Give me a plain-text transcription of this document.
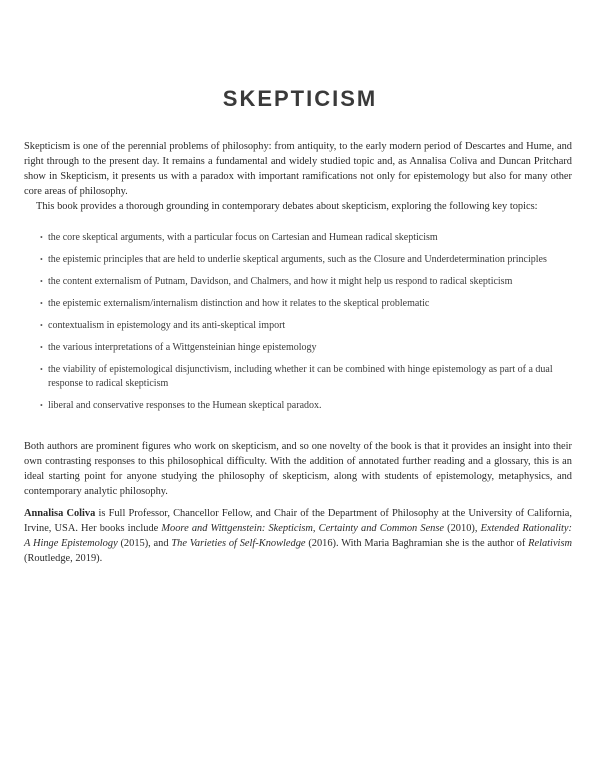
SKEPTICISM

Skepticism is one of the perennial problems of philosophy: from antiquity, to the early modern period of Descartes and Hume, and right through to the present day. It remains a fundamental and widely studied topic and, as Annalisa Coliva and Duncan Pritchard show in Skepticism, it presents us with a paradox with important ramifications not only for epistemology but also for many other core areas of philosophy.

This book provides a thorough grounding in contemporary debates about skepticism, exploring the following key topics:

• the core skeptical arguments, with a particular focus on Cartesian and Humean radical skepticism
• the epistemic principles that are held to underlie skeptical arguments, such as the Closure and Underdetermination principles
• the content externalism of Putnam, Davidson, and Chalmers, and how it might help us respond to radical skepticism
• the epistemic externalism/internalism distinction and how it relates to the skeptical problematic
• contextualism in epistemology and its anti-skeptical import
• the various interpretations of a Wittgensteinian hinge epistemology
• the viability of epistemological disjunctivism, including whether it can be combined with hinge epistemology as part of a dual response to radical skepticism
• liberal and conservative responses to the Humean skeptical paradox.

Both authors are prominent figures who work on skepticism, and so one novelty of the book is that it provides an insight into their own contrasting responses to this philosophical difficulty. With the addition of annotated further reading and a glossary, this is an ideal starting point for anyone studying the philosophy of skepticism, along with students of epistemology, metaphysics, and contemporary analytic philosophy.

Annalisa Coliva is Full Professor, Chancellor Fellow, and Chair of the Department of Philosophy at the University of California, Irvine, USA. Her books include Moore and Wittgenstein: Skepticism, Certainty and Common Sense (2010), Extended Rationality: A Hinge Epistemology (2015), and The Varieties of Self-Knowledge (2016). With Maria Baghramian she is the author of Relativism (Routledge, 2019).
